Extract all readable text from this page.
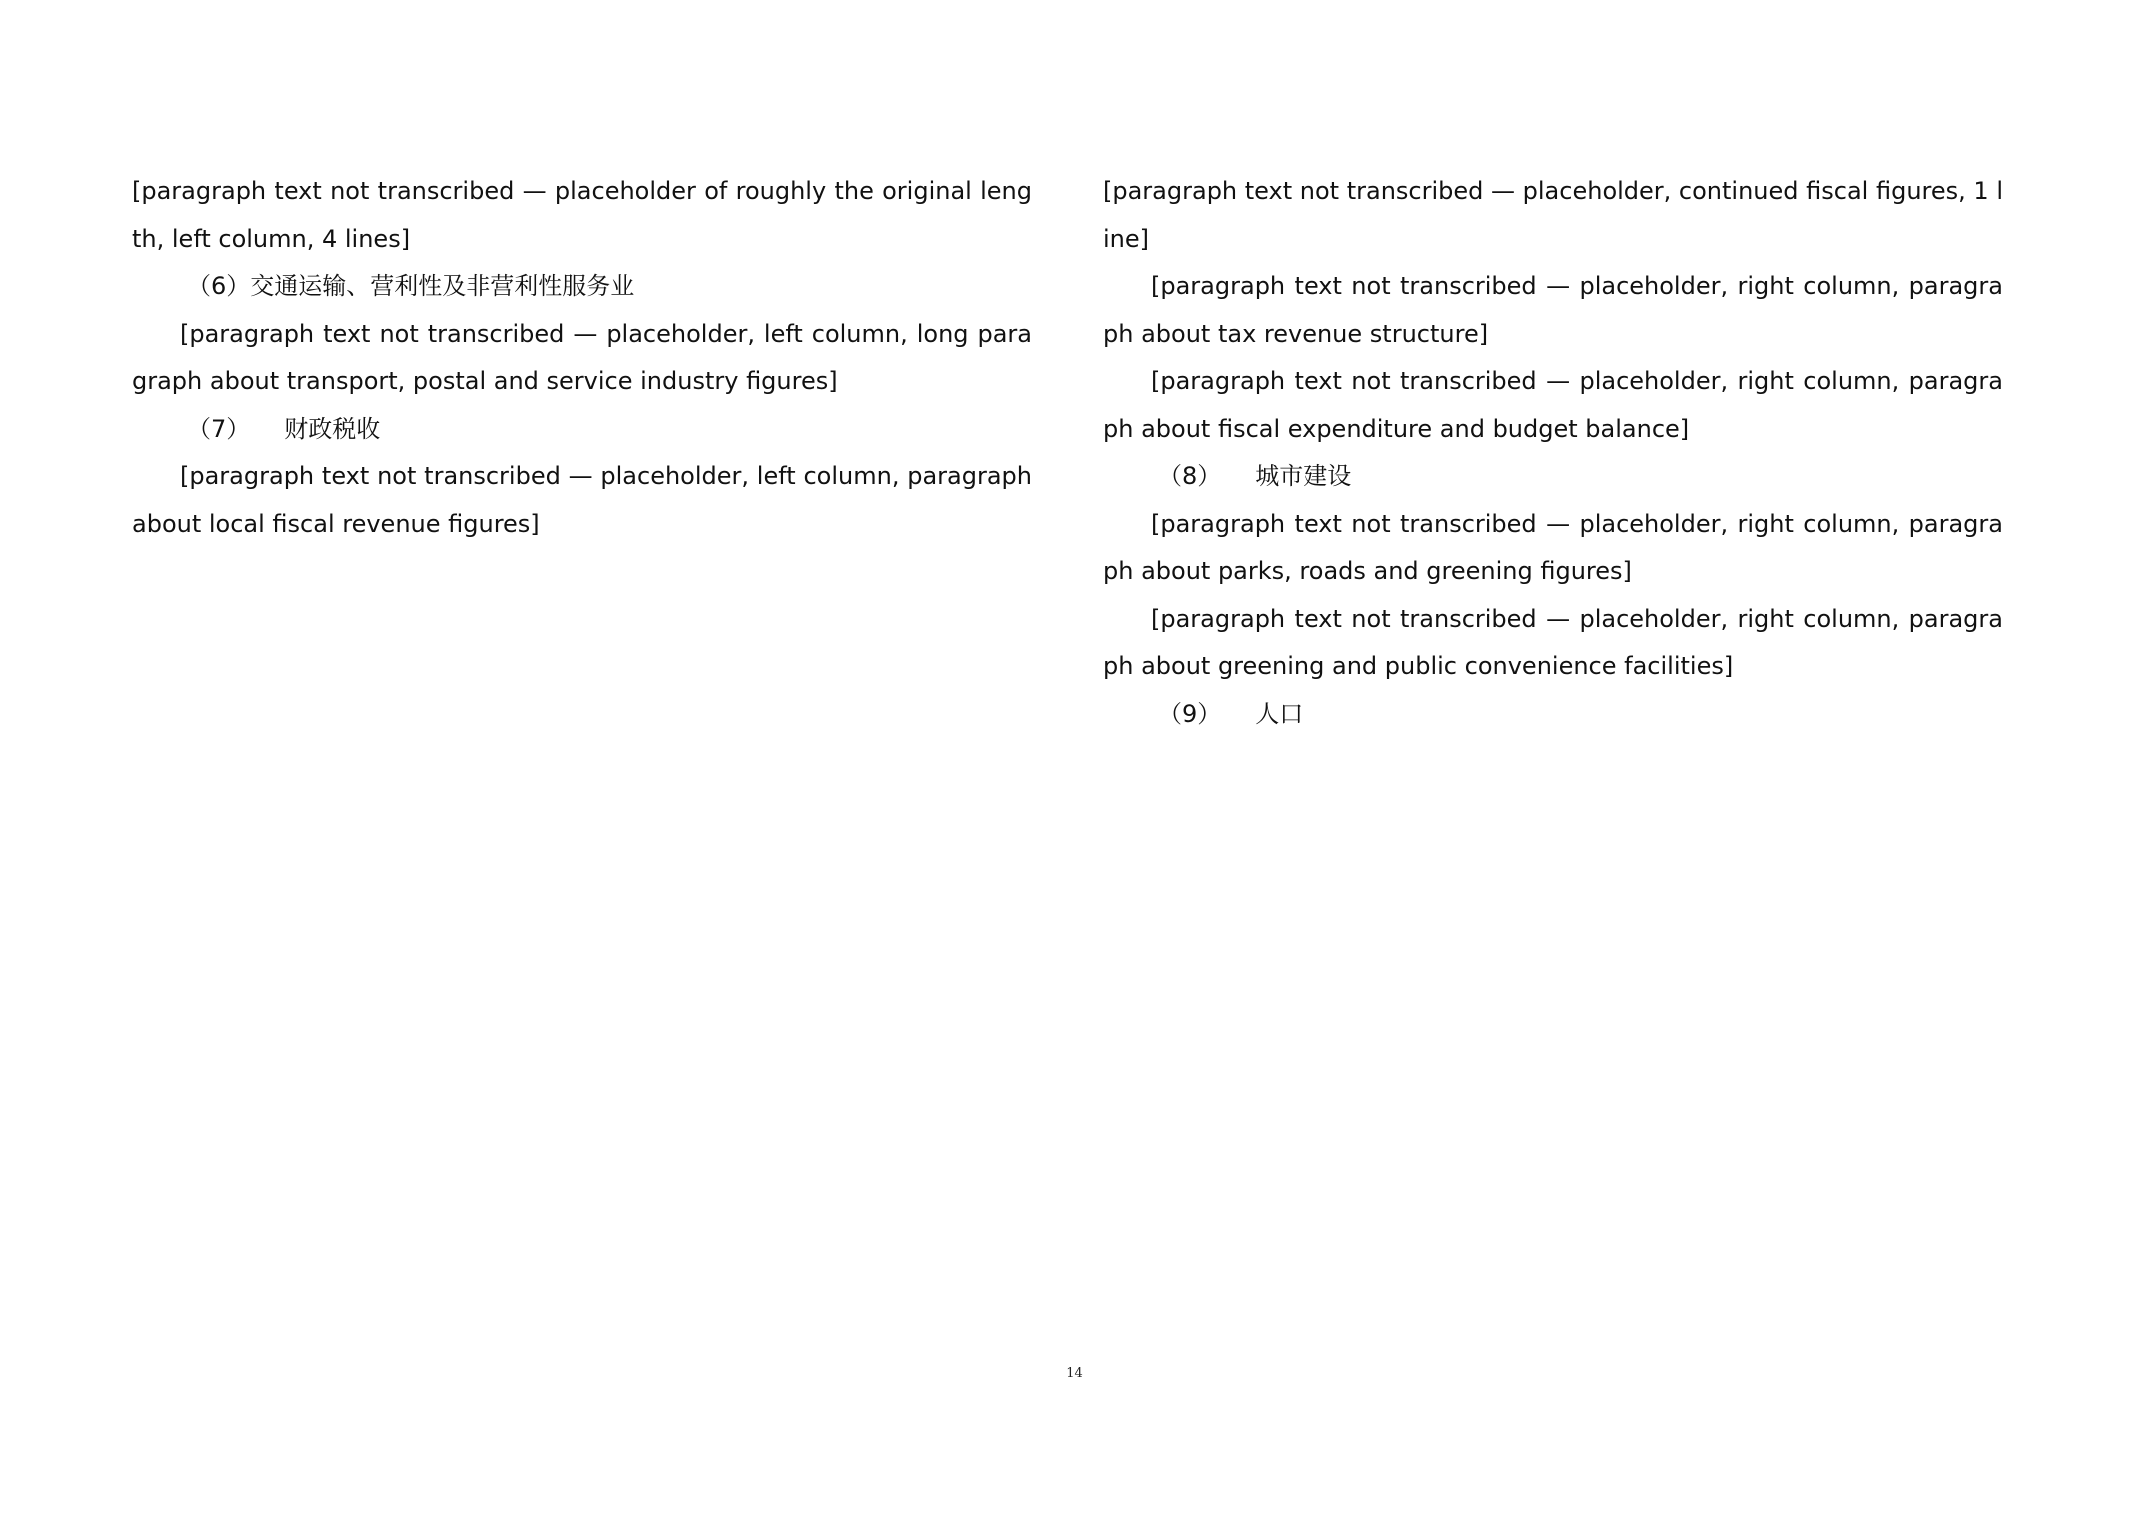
[paragraph text not transcribed — placeholder of roughly the original length, left column, 4 lines]

（6）交通运输、营利性及非营利性服务业

[paragraph text not transcribed — placeholder, left column, long paragraph about transport, postal and service industry figures]

（7） 财政税收

[paragraph text not transcribed — placeholder, left column, paragraph about local fiscal revenue figures]

[paragraph text not transcribed — placeholder, continued fiscal figures, 1 line]

[paragraph text not transcribed — placeholder, right column, paragraph about tax revenue structure]

[paragraph text not transcribed — placeholder, right column, paragraph about fiscal expenditure and budget balance]

（8） 城市建设

[paragraph text not transcribed — placeholder, right column, paragraph about parks, roads and greening figures]

[paragraph text not transcribed — placeholder, right column, paragraph about greening and public convenience facilities]

（9） 人口

14
